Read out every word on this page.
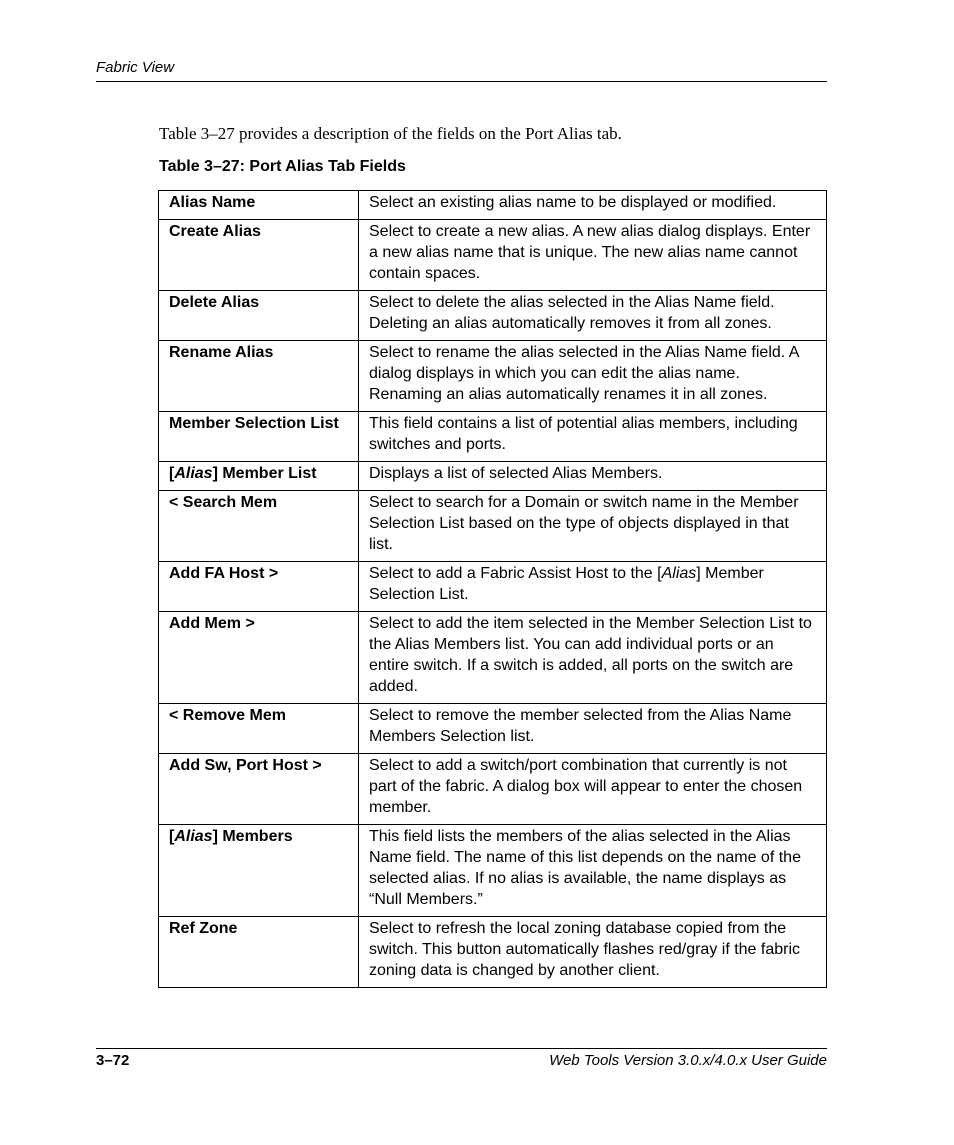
Fabric View

Table 3–27 provides a description of the fields on the Port Alias tab.

Table 3–27: Port Alias Tab Fields
Alias Name	Select an existing alias name to be displayed or modified.
Create Alias	Select to create a new alias. A new alias dialog displays. Enter a new alias name that is unique. The new alias name cannot contain spaces.
Delete Alias	Select to delete the alias selected in the Alias Name field. Deleting an alias automatically removes it from all zones.
Rename Alias	Select to rename the alias selected in the Alias Name field. A dialog displays in which you can edit the alias name. Renaming an alias automatically renames it in all zones.
Member Selection List	This field contains a list of potential alias members, including switches and ports.
[Alias] Member List	Displays a list of selected Alias Members.
< Search Mem	Select to search for a Domain or switch name in the Member Selection List based on the type of objects displayed in that list.
Add FA Host >	Select to add a Fabric Assist Host to the [Alias] Member Selection List.
Add Mem >	Select to add the item selected in the Member Selection List to the Alias Members list. You can add individual ports or an entire switch. If a switch is added, all ports on the switch are added.
< Remove Mem	Select to remove the member selected from the Alias Name Members Selection list.
Add Sw, Port Host >	Select to add a switch/port combination that currently is not part of the fabric. A dialog box will appear to enter the chosen member.
[Alias] Members	This field lists the members of the alias selected in the Alias Name field. The name of this list depends on the name of the selected alias. If no alias is available, the name displays as “Null Members.”
Ref Zone	Select to refresh the local zoning database copied from the switch. This button automatically flashes red/gray if the fabric zoning data is changed by another client.
3–72	Web Tools Version 3.0.x/4.0.x User Guide
